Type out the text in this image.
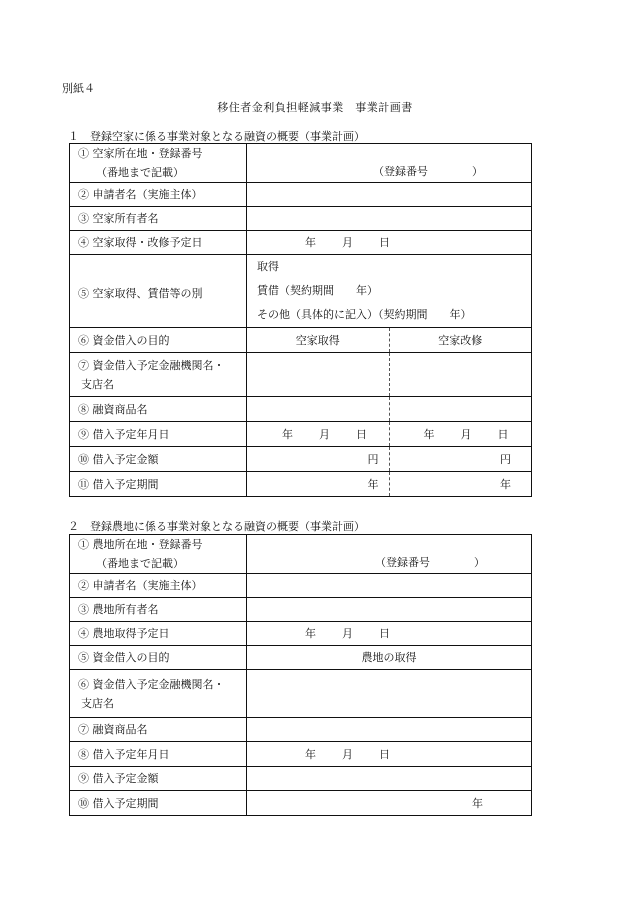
別紙４
移住者金利負担軽減事業　事業計画書
１　登録空家に係る事業対象となる融資の概要（事業計画）
① 空家所在地・登録番号
（番地まで記載）	（登録番号　　　　）	

② 申請者名（実施主体）		
③ 空家所有者名		
④ 空家取得・改修予定日	年 月 日	
⑤ 空家取得、賃借等の別	取得
賃借（契約期間　　年）
その他（具体的に記入）（契約期間　　年）	

⑥ 資金借入の目的	空家取得	空家改修
⑦ 資金借入予定金融機関名・
支店名		

⑧ 融資商品名		
⑨ 借入予定年月日	年 月 日	年 月 日
⑩ 借入予定金額	円	円
⑪ 借入予定期間	年	年
２　登録農地に係る事業対象となる融資の概要（事業計画）
① 農地所在地・登録番号
（番地まで記載）	（登録番号　　　　）

② 申請者名（実施主体）	
③ 農地所有者名	
④ 農地取得予定日	年 月 日
⑤ 資金借入の目的	農地の取得
⑥ 資金借入予定金融機関名・
支店名	

⑦ 融資商品名	
⑧ 借入予定年月日	年 月 日
⑨ 借入予定金額	
⑩ 借入予定期間	年
